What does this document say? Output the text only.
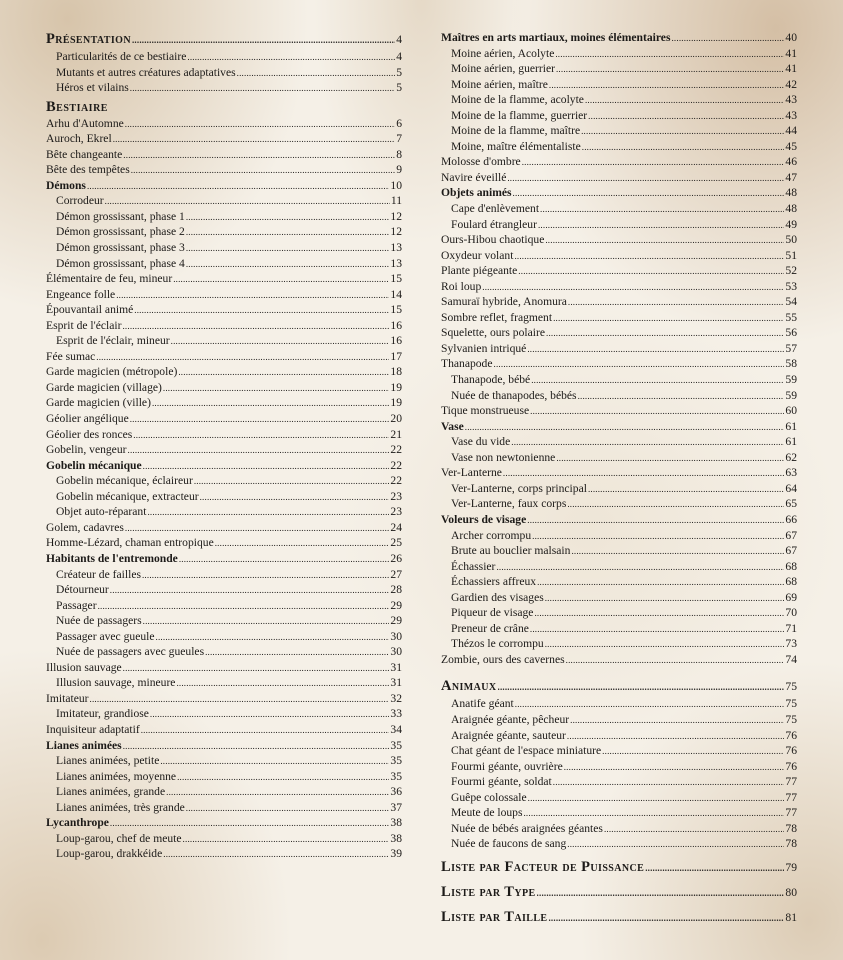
Présentation .....	4
Particularités de ce bestiaire .....	4
Mutants et autres créatures adaptatives .....	5
Héros et vilains .....	5
Bestiaire
Arhu d'Automne .....	6
Auroch, Ekrel .....	7
Bête changeante .....	8
Bête des tempêtes .....	9
Démons .....	10
Corrodeur .....	11
Démon grossissant, phase 1 .....	12
Démon grossissant, phase 2 .....	12
Démon grossissant, phase 3 .....	13
Démon grossissant, phase 4 .....	13
Élémentaire de feu, mineur .....	15
Engeance folle .....	14
Épouvantail animé .....	15
Esprit de l'éclair .....	16
Esprit de l'éclair, mineur .....	16
Fée sumac .....	17
Garde magicien (métropole) .....	18
Garde magicien (village) .....	19
Garde magicien (ville) .....	19
Géolier angélique .....	20
Géolier des ronces .....	21
Gobelin, vengeur .....	22
Gobelin mécanique .....	22
Gobelin mécanique, éclaireur .....	22
Gobelin mécanique, extracteur .....	23
Objet auto-réparant .....	23
Golem, cadavres .....	24
Homme-Lézard, chaman entropique .....	25
Habitants de l'entremonde .....	26
Créateur de failles .....	27
Détourneur .....	28
Passager .....	29
Nuée de passagers .....	29
Passager avec gueule .....	30
Nuée de passagers avec gueules .....	30
Illusion sauvage .....	31
Illusion sauvage, mineure .....	31
Imitateur .....	32
Imitateur, grandiose .....	33
Inquisiteur adaptatif .....	34
Lianes animées .....	35
Lianes animées, petite .....	35
Lianes animées, moyenne .....	35
Lianes animées, grande .....	36
Lianes animées, très grande .....	37
Lycanthrope .....	38
Loup-garou, chef de meute .....	38
Loup-garou, drakkéide .....	39
Maîtres en arts martiaux, moines élémentaires .....	40
Moine aérien, Acolyte .....	41
Moine aérien, guerrier .....	41
Moine aérien, maître .....	42
Moine de la flamme, acolyte .....	43
Moine de la flamme, guerrier .....	43
Moine de la flamme, maître .....	44
Moine, maître élémentaliste .....	45
Molosse d'ombre .....	46
Navire éveillé .....	47
Objets animés .....	48
Cape d'enlèvement .....	48
Foulard étrangleur .....	49
Ours-Hibou chaotique .....	50
Oxydeur volant .....	51
Plante piégeante .....	52
Roi loup .....	53
Samuraï hybride, Anomura .....	54
Sombre reflet, fragment .....	55
Squelette, ours polaire .....	56
Sylvanien intriqué .....	57
Thanapode .....	58
Thanapode, bébé .....	59
Nuée de thanapodes, bébés .....	59
Tique monstrueuse .....	60
Vase .....	61
Vase du vide .....	61
Vase non newtonienne .....	62
Ver-Lanterne .....	63
Ver-Lanterne, corps principal .....	64
Ver-Lanterne, faux corps .....	65
Voleurs de visage .....	66
Archer corrompu .....	67
Brute au bouclier malsain .....	67
Échassier .....	68
Échassiers affreux .....	68
Gardien des visages .....	69
Piqueur de visage .....	70
Preneur de crâne .....	71
Thézos le corrompu .....	73
Zombie, ours des cavernes .....	74
Animaux .....	75
Anatife géant .....	75
Araignée géante, pêcheur .....	75
Araignée géante, sauteur .....	76
Chat géant de l'espace miniature .....	76
Fourmi géante, ouvrière .....	76
Fourmi géante, soldat .....	77
Guêpe colossale .....	77
Meute de loups .....	77
Nuée de bébés araignées géantes .....	78
Nuée de faucons de sang .....	78
Liste par Facteur de Puissance .....	79
Liste par Type .....	80
Liste par Taille .....	81
